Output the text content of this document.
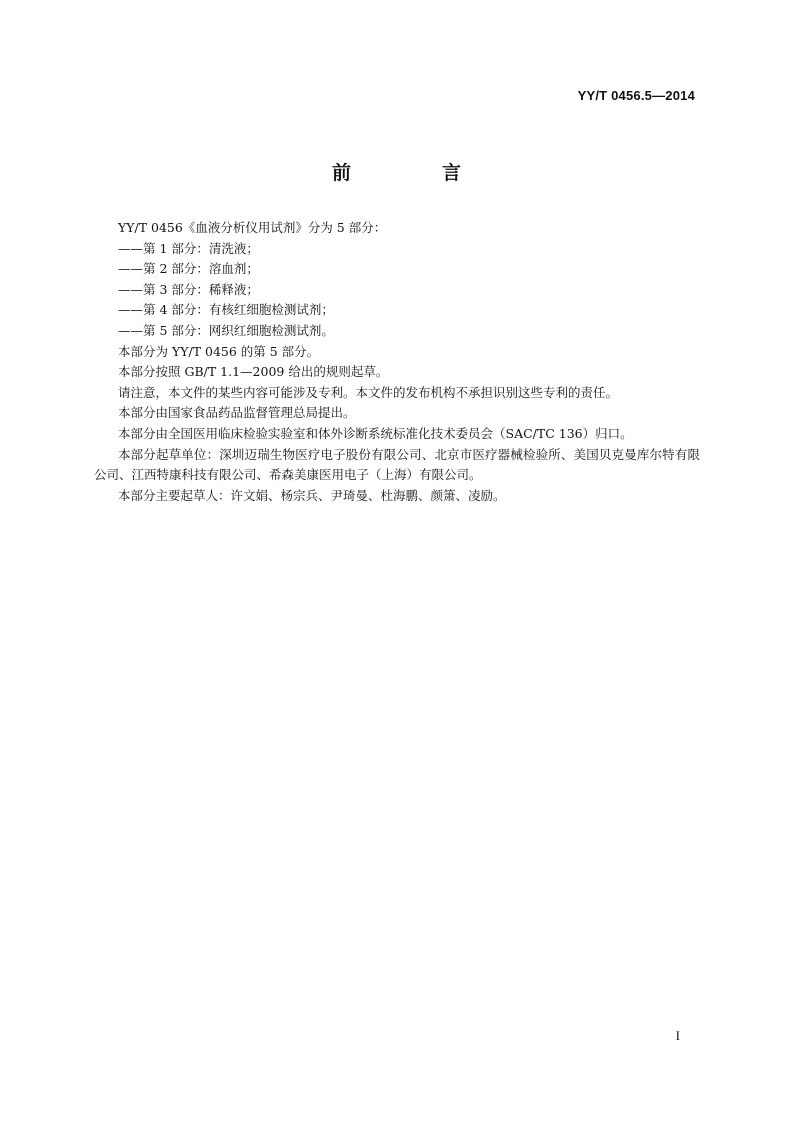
YY/T 0456.5—2014
前　言

YY/T 0456《血液分析仪用试剂》分为 5 部分：

——第 1 部分：清洗液；

——第 2 部分：溶血剂；

——第 3 部分：稀释液；

——第 4 部分：有核红细胞检测试剂；

——第 5 部分：网织红细胞检测试剂。

本部分为 YY/T 0456 的第 5 部分。

本部分按照 GB/T 1.1—2009 给出的规则起草。

请注意，本文件的某些内容可能涉及专利。本文件的发布机构不承担识别这些专利的责任。

本部分由国家食品药品监督管理总局提出。

本部分由全国医用临床检验实验室和体外诊断系统标准化技术委员会（SAC/TC 136）归口。

本部分起草单位：深圳迈瑞生物医疗电子股份有限公司、北京市医疗器械检验所、美国贝克曼库尔特有限公司、江西特康科技有限公司、希森美康医用电子（上海）有限公司。

本部分主要起草人：许文娟、杨宗兵、尹琦曼、杜海鹏、颜箫、凌励。

I
